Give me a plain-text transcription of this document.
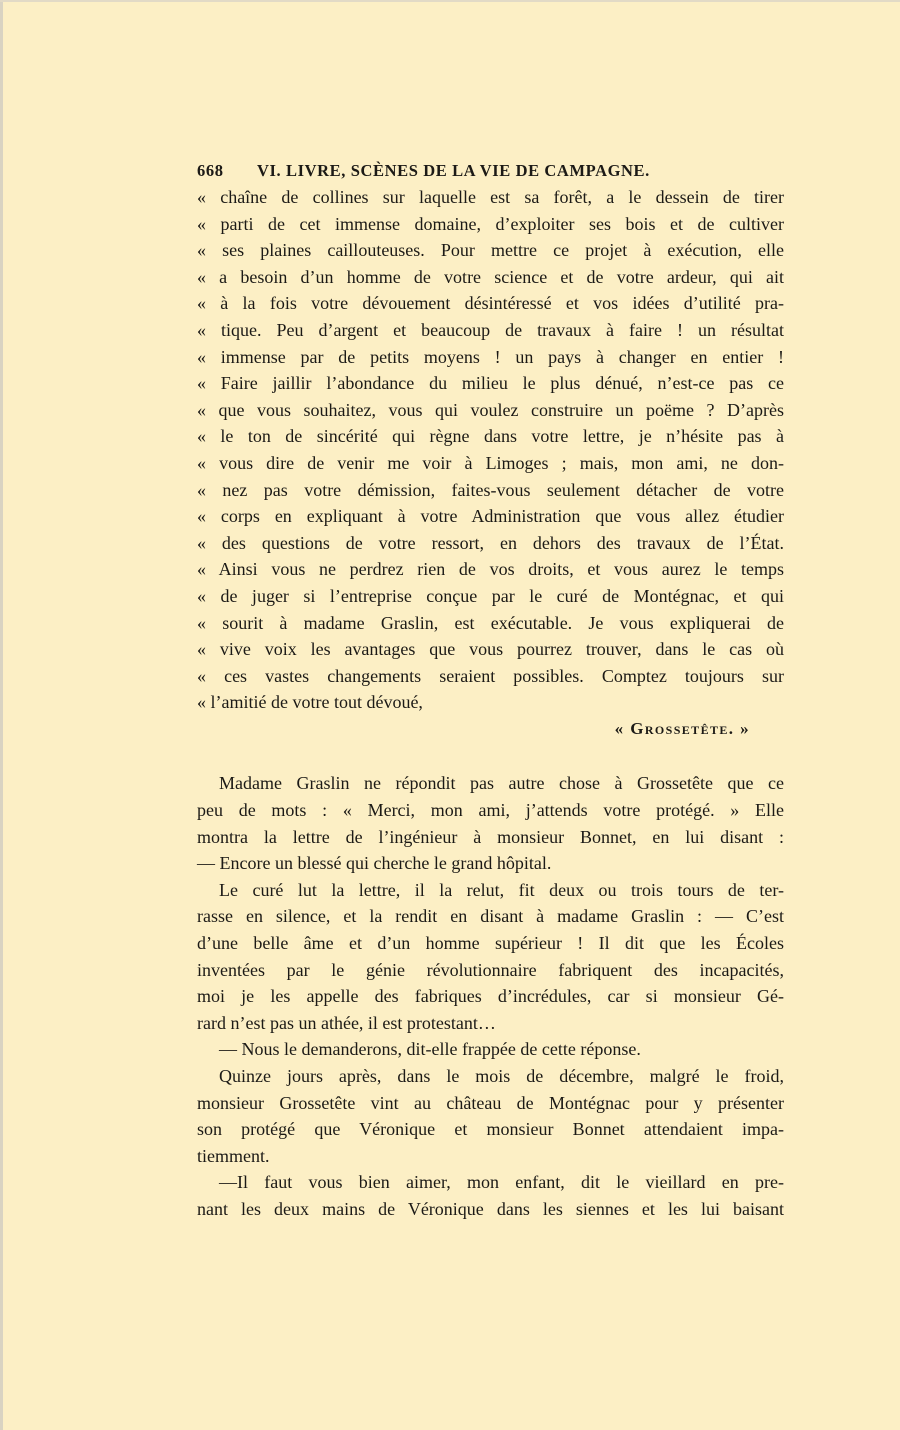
668	VI. LIVRE, SCÈNES DE LA VIE DE CAMPAGNE.
« chaîne de collines sur laquelle est sa forêt, a le dessein de tirer
« parti de cet immense domaine, d’exploiter ses bois et de cultiver
« ses plaines caillouteuses. Pour mettre ce projet à exécution, elle
« a besoin d’un homme de votre science et de votre ardeur, qui ait
« à la fois votre dévouement désintéressé et vos idées d’utilité pra-
« tique. Peu d’argent et beaucoup de travaux à faire ! un résultat
« immense par de petits moyens ! un pays à changer en entier !
« Faire jaillir l’abondance du milieu le plus dénué, n’est-ce pas ce
« que vous souhaitez, vous qui voulez construire un poëme ? D’après
« le ton de sincérité qui règne dans votre lettre, je n’hésite pas à
« vous dire de venir me voir à Limoges ; mais, mon ami, ne don-
« nez pas votre démission, faites-vous seulement détacher de votre
« corps en expliquant à votre Administration que vous allez étudier
« des questions de votre ressort, en dehors des travaux de l’État.
« Ainsi vous ne perdrez rien de vos droits, et vous aurez le temps
« de juger si l’entreprise conçue par le curé de Montégnac, et qui
« sourit à madame Graslin, est exécutable. Je vous expliquerai de
« vive voix les avantages que vous pourrez trouver, dans le cas où
« ces vastes changements seraient possibles. Comptez toujours sur
« l’amitié de votre tout dévoué,
« Grossetête. »
Madame Graslin ne répondit pas autre chose à Grossetête que ce
peu de mots : « Merci, mon ami, j’attends votre protégé. » Elle
montra la lettre de l’ingénieur à monsieur Bonnet, en lui disant :
— Encore un blessé qui cherche le grand hôpital.
Le curé lut la lettre, il la relut, fit deux ou trois tours de ter-
rasse en silence, et la rendit en disant à madame Graslin : — C’est
d’une belle âme et d’un homme supérieur ! Il dit que les Écoles
inventées par le génie révolutionnaire fabriquent des incapacités,
moi je les appelle des fabriques d’incrédules, car si monsieur Gé-
rard n’est pas un athée, il est protestant…
— Nous le demanderons, dit-elle frappée de cette réponse.
Quinze jours après, dans le mois de décembre, malgré le froid,
monsieur Grossetête vint au château de Montégnac pour y présenter
son protégé que Véronique et monsieur Bonnet attendaient impa-
tiemment.
—Il faut vous bien aimer, mon enfant, dit le vieillard en pre-
nant les deux mains de Véronique dans les siennes et les lui baisant
